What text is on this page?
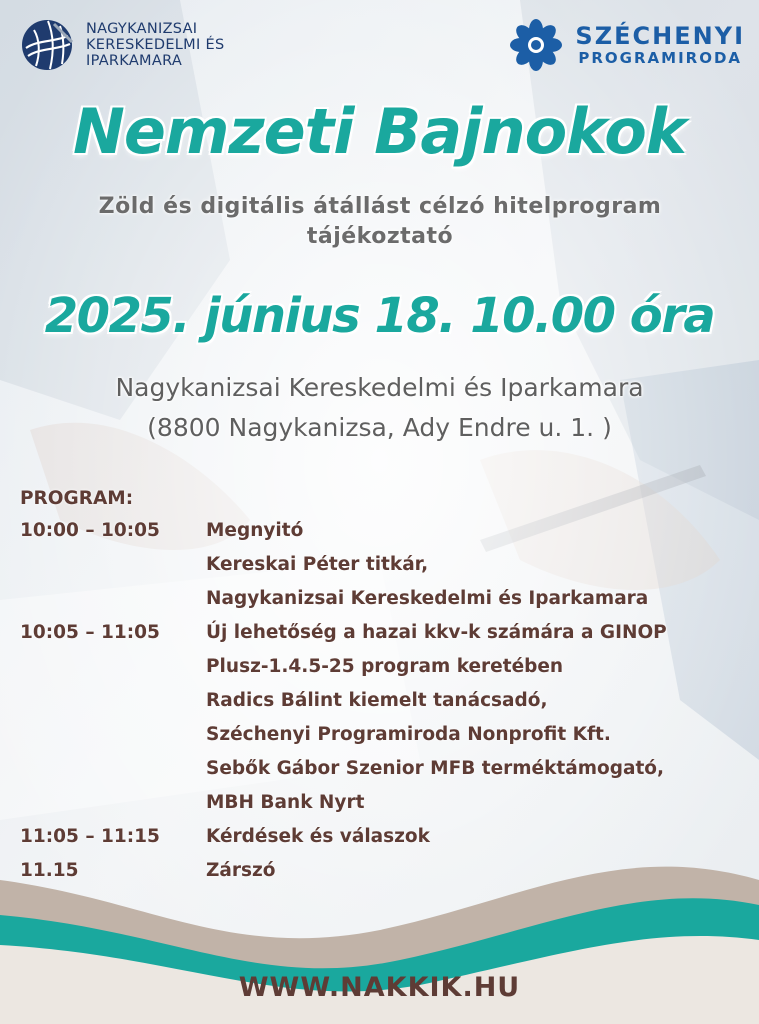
NAGYKANIZSAI
KERESKEDELMI ÉS
IPARKAMARA
SZÉCHENYI
PROGRAMIRODA
Nemzeti Bajnokok
Zöld és digitális átállást célzó hitelprogram
tájékoztató
2025. június 18. 10.00 óra
Nagykanizsai Kereskedelmi és Iparkamara
(8800 Nagykanizsa, Ady Endre u. 1. )
PROGRAM:
10:00 – 10:05	Megnyitó
Kereskai Péter titkár,
Nagykanizsai Kereskedelmi és Iparkamara
10:05 – 11:05	Új lehetőség a hazai kkv-k számára a GINOP
Plusz-1.4.5-25 program keretében
Radics Bálint kiemelt tanácsadó,
Széchenyi Programiroda Nonprofit Kft.
Sebők Gábor Szenior MFB terméktámogató,
MBH Bank Nyrt
11:05 – 11:15	Kérdések és válaszok
11.15	Zárszó
WWW.NAKKIK.HU
